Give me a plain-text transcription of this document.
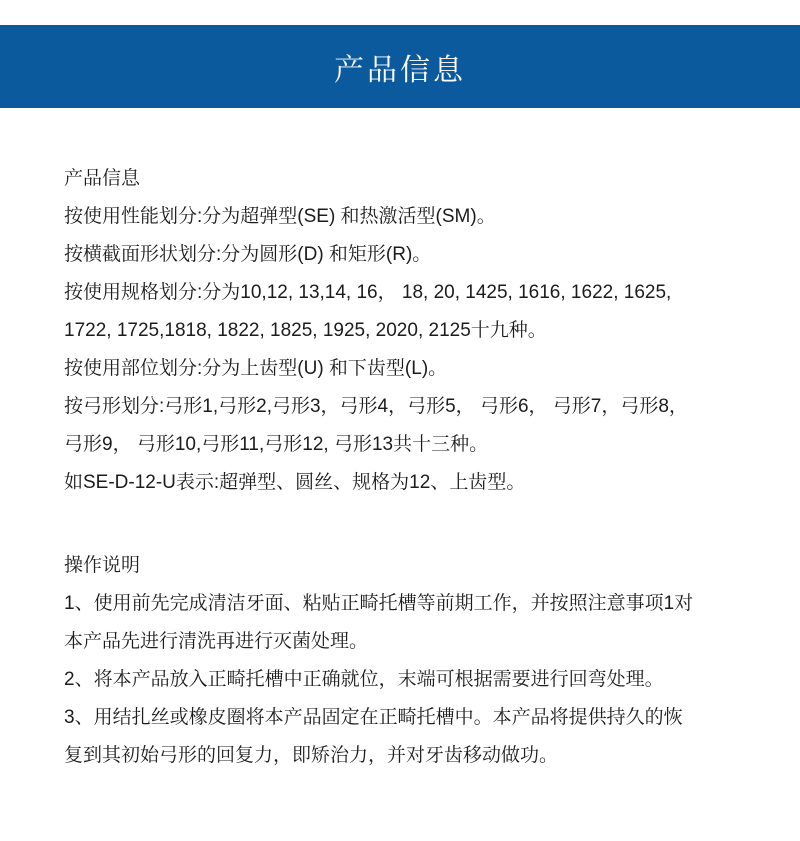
产品信息
产品信息
按使用性能划分:分为超弹型(SE) 和热激活型(SM)。
按横截面形状划分:分为圆形(D) 和矩形(R)。
按使用规格划分:分为10,12, 13,14, 16， 18, 20, 1425, 1616, 1622, 1625,
1722, 1725,1818, 1822, 1825, 1925, 2020, 2125十九种。
按使用部位划分:分为上齿型(U) 和下齿型(L)。
按弓形划分:弓形1,弓形2,弓形3，弓形4，弓形5， 弓形6， 弓形7，弓形8，
弓形9， 弓形10,弓形11,弓形12, 弓形13共十三种。
如SE-D-12-U表示:超弹型、圆丝、规格为12、上齿型。
操作说明
1、使用前先完成清洁牙面、粘贴正畸托槽等前期工作，并按照注意事项1对
本产品先进行清洗再进行灭菌处理。
2、将本产品放入正畸托槽中正确就位，末端可根据需要进行回弯处理。
3、用结扎丝或橡皮圈将本产品固定在正畸托槽中。本产品将提供持久的恢
复到其初始弓形的回复力，即矫治力，并对牙齿移动做功。
